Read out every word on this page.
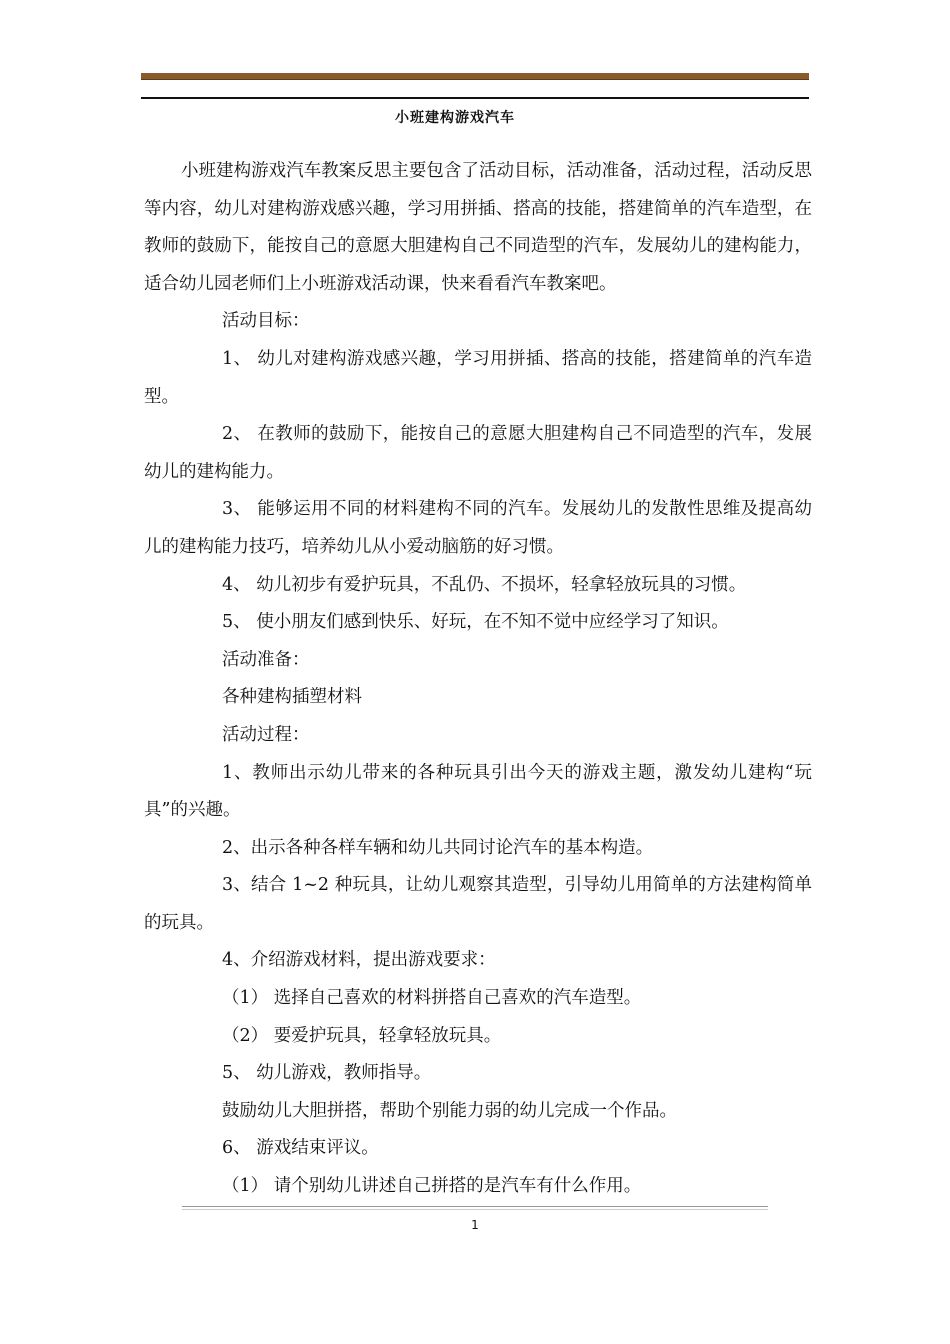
小班建构游戏汽车

小班建构游戏汽车教案反思主要包含了活动目标，活动准备，活动过程，活动反思等内容，幼儿对建构游戏感兴趣，学习用拼插、搭高的技能，搭建简单的汽车造型，在教师的鼓励下，能按自己的意愿大胆建构自己不同造型的汽车，发展幼儿的建构能力，适合幼儿园老师们上小班游戏活动课，快来看看汽车教案吧。

活动目标：

1、 幼儿对建构游戏感兴趣，学习用拼插、搭高的技能，搭建简单的汽车造型。

2、 在教师的鼓励下，能按自己的意愿大胆建构自己不同造型的汽车，发展幼儿的建构能力。

3、 能够运用不同的材料建构不同的汽车。发展幼儿的发散性思维及提高幼儿的建构能力技巧，培养幼儿从小爱动脑筋的好习惯。

4、 幼儿初步有爱护玩具，不乱仍、不损坏，轻拿轻放玩具的习惯。

5、 使小朋友们感到快乐、好玩，在不知不觉中应经学习了知识。

活动准备：

各种建构插塑材料

活动过程：

1、教师出示幼儿带来的各种玩具引出今天的游戏主题，激发幼儿建构“玩具”的兴趣。

2、出示各种各样车辆和幼儿共同讨论汽车的基本构造。

3、结合 1~2 种玩具，让幼儿观察其造型，引导幼儿用简单的方法建构简单的玩具。

4、介绍游戏材料，提出游戏要求：

（1） 选择自己喜欢的材料拼搭自己喜欢的汽车造型。

（2） 要爱护玩具，轻拿轻放玩具。

5、 幼儿游戏，教师指导。

鼓励幼儿大胆拼搭，帮助个别能力弱的幼儿完成一个作品。

6、 游戏结束评议。

（1） 请个别幼儿讲述自己拼搭的是汽车有什么作用。

1
